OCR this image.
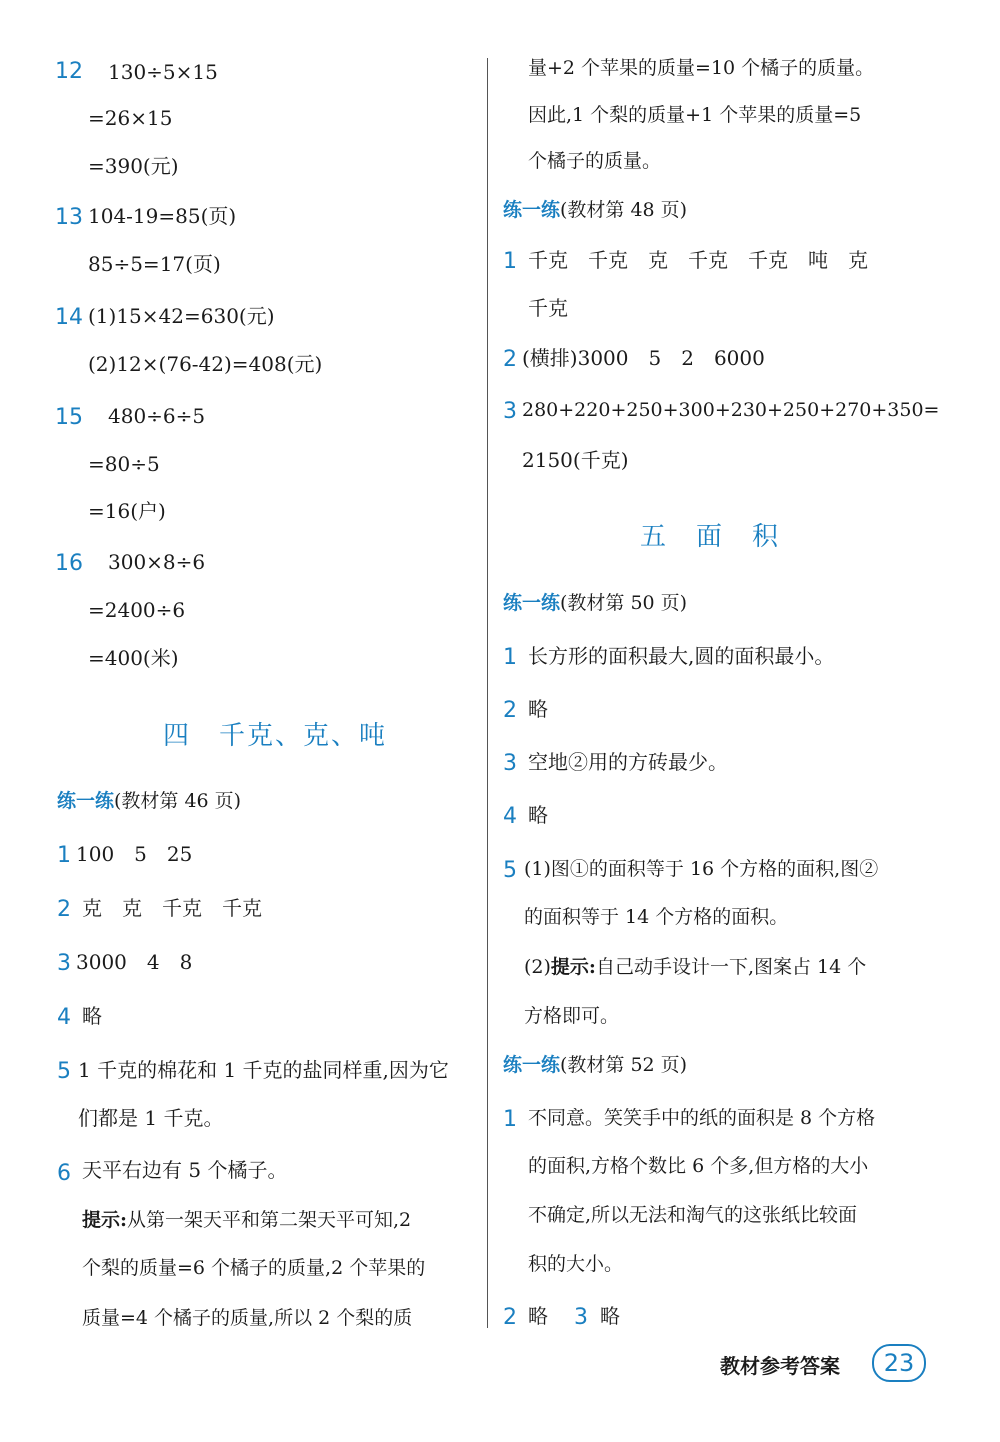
12 130÷5×15
=26×15
=390(元)
13 104-19=85(页)
85÷5=17(页)
14 (1)15×42=630(元)
(2)12×(76-42)=408(元)
15 480÷6÷5
=80÷5
=16(户)
16 300×8÷6
=2400÷6
=400(米)
四　千克、克、吨
练一练(教材第 46 页)
1 100　5　25
2 克　克　千克　千克
3 3000　4　8
4 略
5 1 千克的棉花和 1 千克的盐同样重,因为它
们都是 1 千克。
6 天平右边有 5 个橘子。
提示:从第一架天平和第二架天平可知,2
个梨的质量=6 个橘子的质量,2 个苹果的
质量=4 个橘子的质量,所以 2 个梨的质
量+2 个苹果的质量=10 个橘子的质量。
因此,1 个梨的质量+1 个苹果的质量=5
个橘子的质量。
练一练(教材第 48 页)
1 千克　千克　克　千克　千克　吨　克
千克
2 (横排)3000　5　2　6000
3 280+220+250+300+230+250+270+350=
2150(千克)
五　面　积
练一练(教材第 50 页)
1 长方形的面积最大,圆的面积最小。
2 略
3 空地②用的方砖最少。
4 略
5 (1)图①的面积等于 16 个方格的面积,图②
的面积等于 14 个方格的面积。
(2)提示:自己动手设计一下,图案占 14 个
方格即可。
练一练(教材第 52 页)
1 不同意。笑笑手中的纸的面积是 8 个方格
的面积,方格个数比 6 个多,但方格的大小
不确定,所以无法和淘气的这张纸比较面
积的大小。
2 略 3 略
教材参考答案	23
